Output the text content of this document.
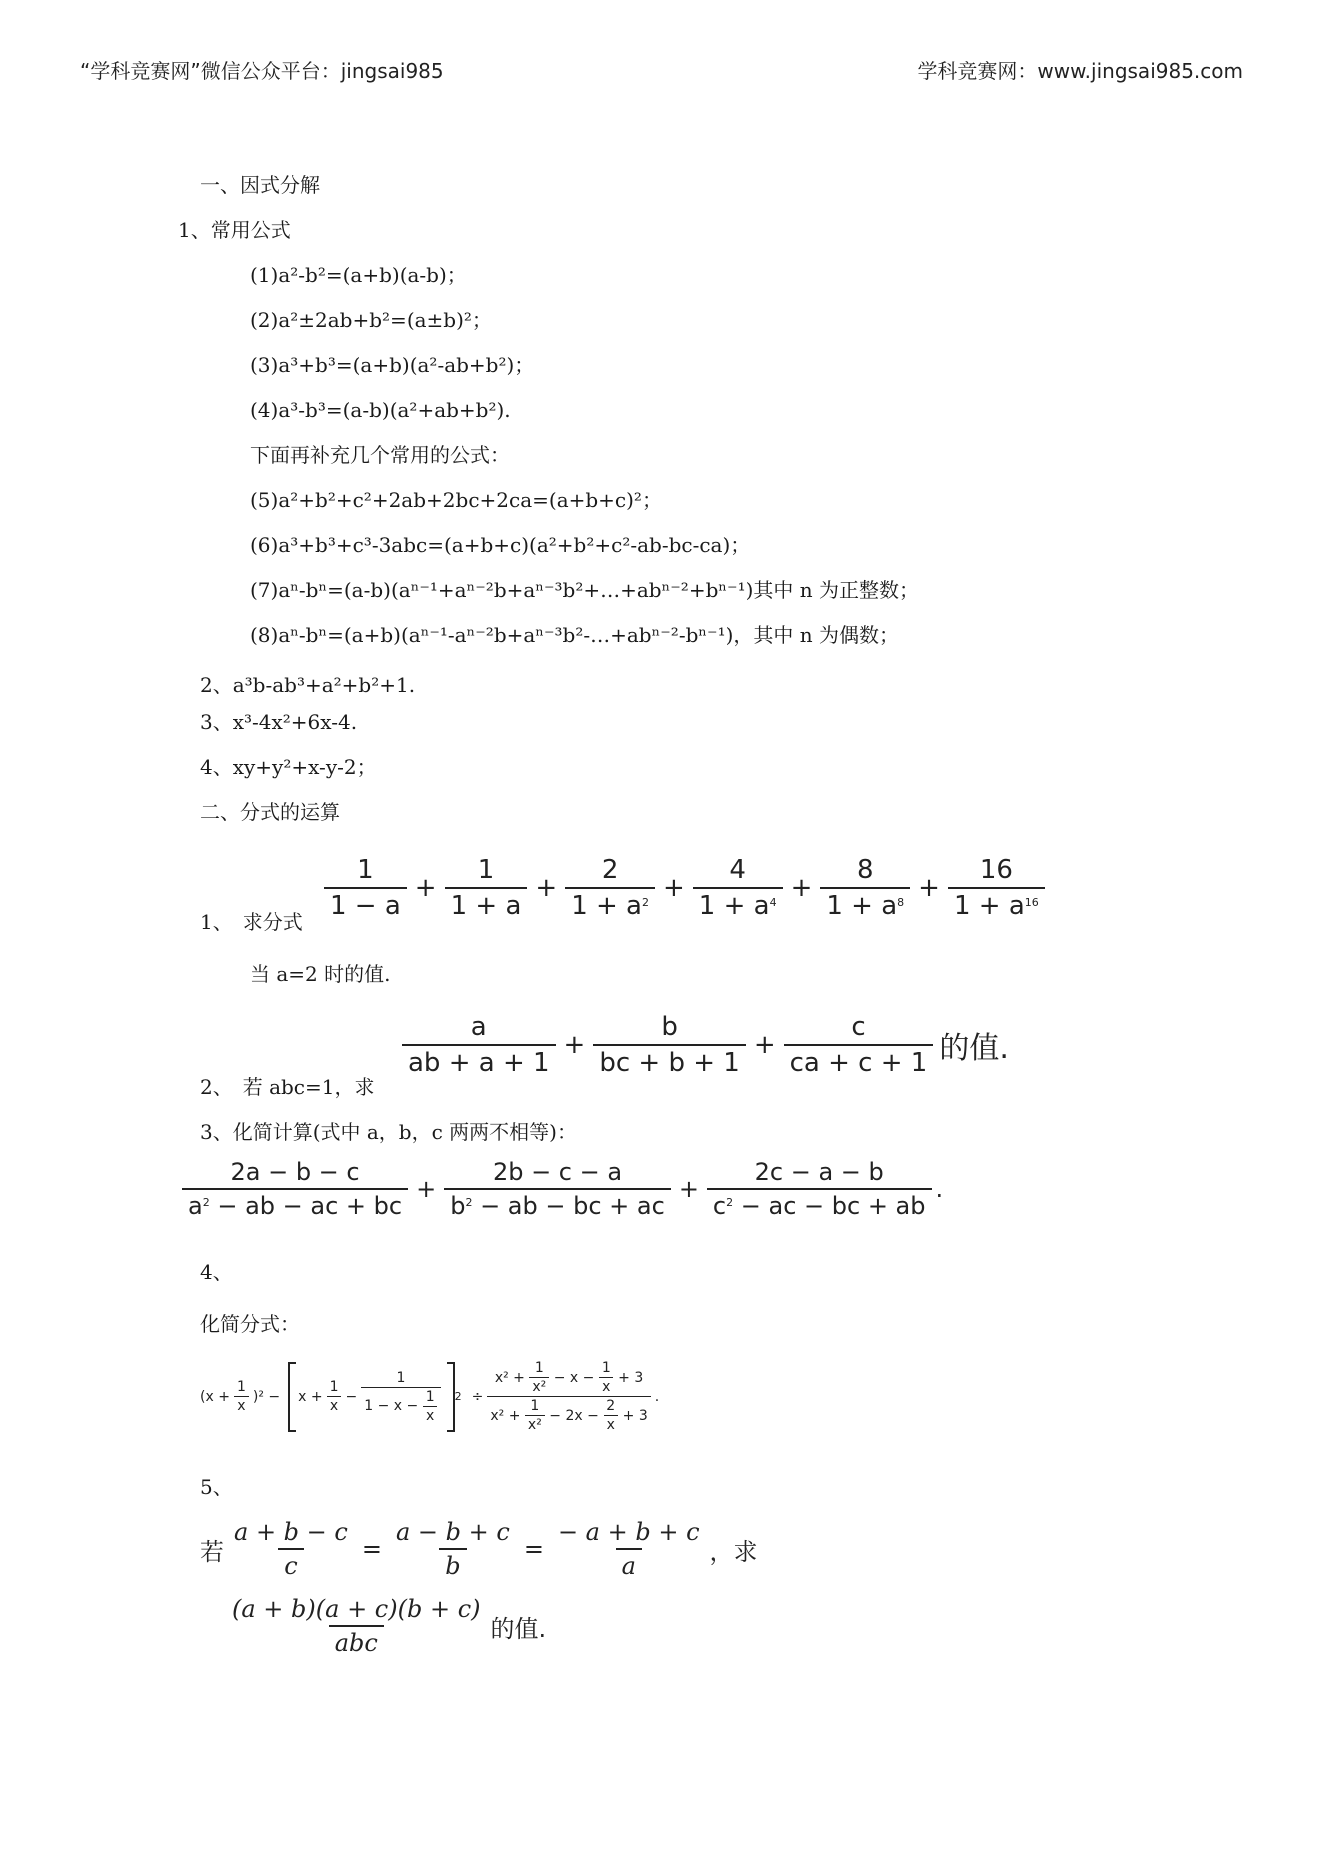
“学科竞赛网”微信公众平台：jingsai985	学科竞赛网：www.jingsai985.com
一、因式分解
1、常用公式
(1)a²-b²=(a+b)(a-b)；
(2)a²±2ab+b²=(a±b)²；
(3)a³+b³=(a+b)(a²-ab+b²)；
(4)a³-b³=(a-b)(a²+ab+b²).
下面再补充几个常用的公式：
(5)a²+b²+c²+2ab+2bc+2ca=(a+b+c)²；
(6)a³+b³+c³-3abc=(a+b+c)(a²+b²+c²-ab-bc-ca)；
(7)aⁿ-bⁿ=(a-b)(aⁿ⁻¹+aⁿ⁻²b+aⁿ⁻³b²+…+abⁿ⁻²+bⁿ⁻¹)其中 n 为正整数；
(8)aⁿ-bⁿ=(a+b)(aⁿ⁻¹-aⁿ⁻²b+aⁿ⁻³b²-…+abⁿ⁻²-bⁿ⁻¹)，其中 n 为偶数；
2、a³b-ab³+a²+b²+1.
3、x³-4x²+6x-4.
4、xy+y²+x-y-2；
二、分式的运算
1、　求分式
1
1 − a
+ $\frac{1}{1 + a} + \frac{2}{1 + a^2} + \frac{4}{1 + a^4} + \frac{8}{1 + a^8} + \frac{16}{1 + a^{16}}$
当 a=2 时的值.
2、　若 abc=1，求
a
ab + a + 1
+ $\frac{b}{bc + b + 1} + \frac{c}{ca + c + 1}$ 的值.
3、化简计算(式中 a，b，c 两两不相等)：
2a − b − c
$a^2$ − ab − ac + bc
+ $\frac{2b - c - a}{b^2 - ab - bc + ac} + \frac{2c - a - b}{c^2 - ac - bc + ab}$ .
4、
化简分式：
$(x + \frac{1}{x} )^2 - x + \frac{1}{x} - 1$
1 − x −
1
x 2 ÷ x² +
1
x²
− x −
1
x
+ 3
x² +
1
x²
− 2x −
2
x
+ 3 .
5、
若 $\frac{a + b - c}{c} = \frac{a - b + c}{b} = \frac{- a + b + c}{a}$ ，求
(a + b)(a + c)(b + c)
abc
的值.
